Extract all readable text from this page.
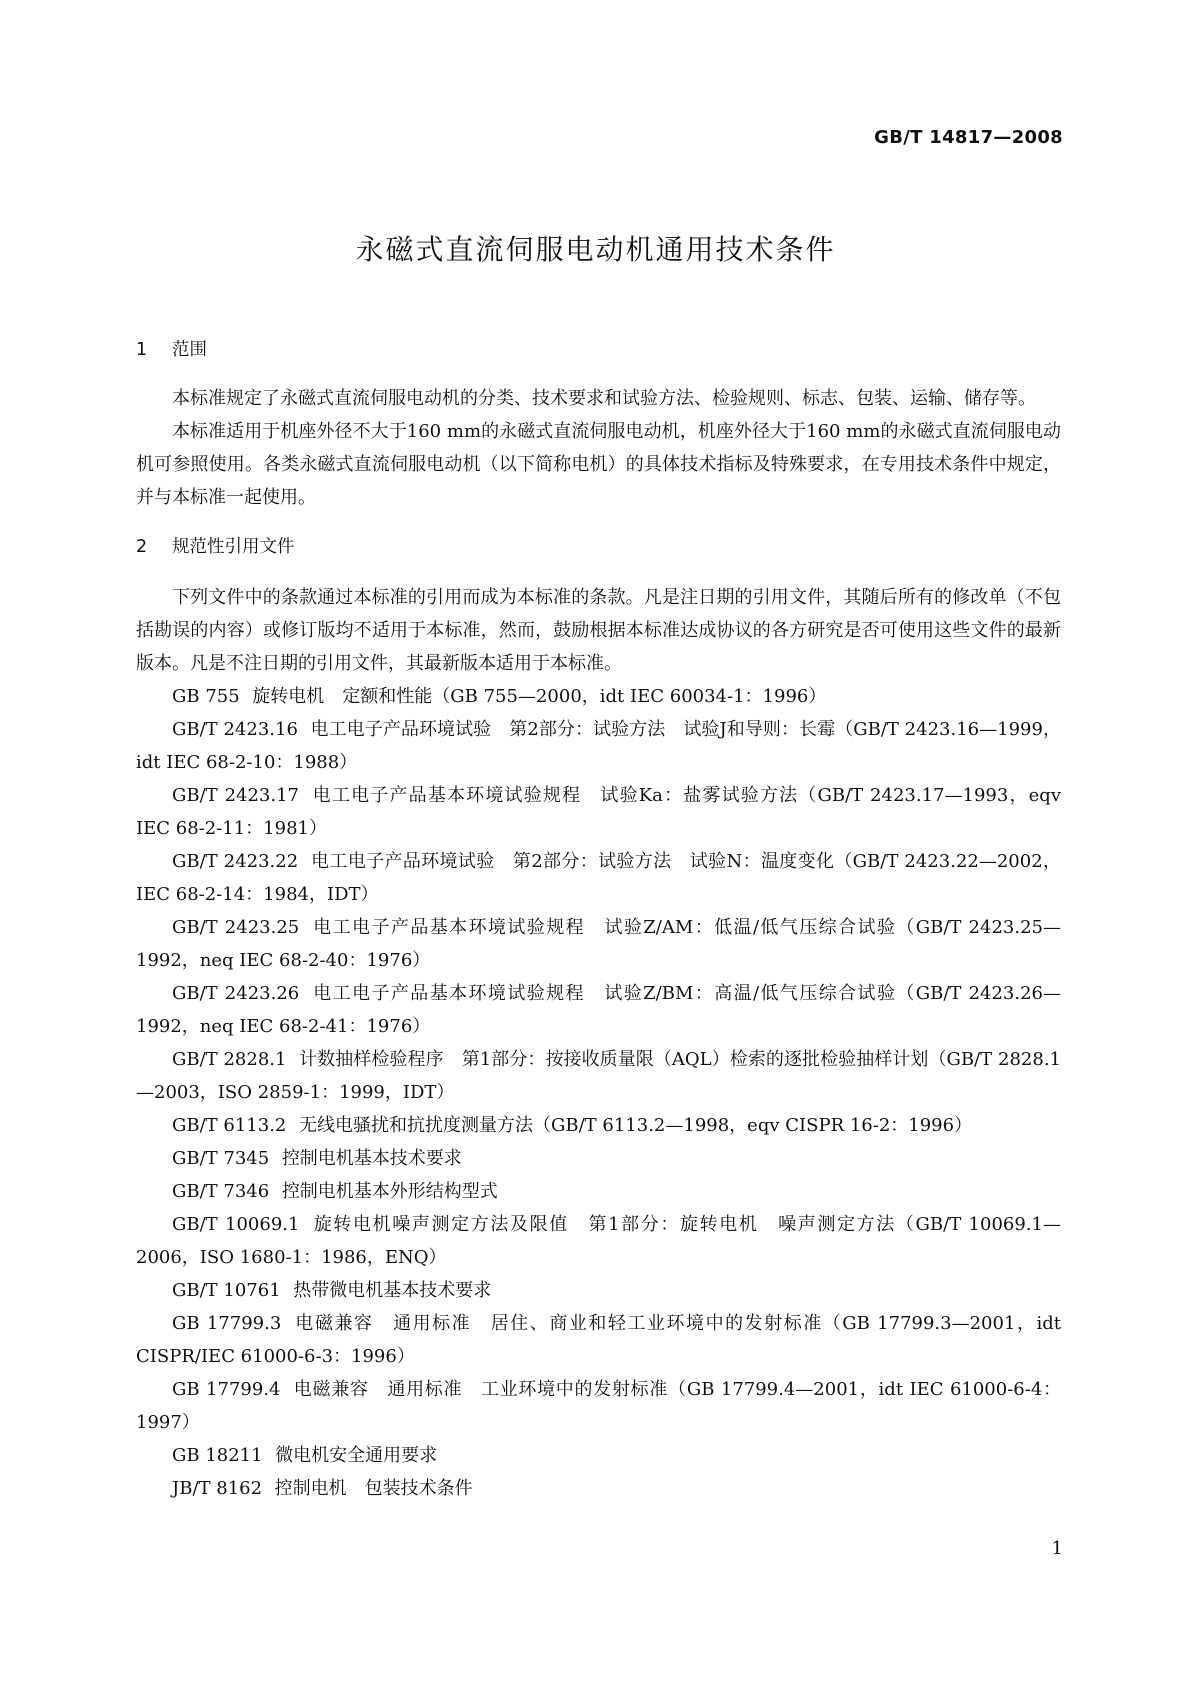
GB/T 14817—2008
永磁式直流伺服电动机通用技术条件
1 范围

本标准规定了永磁式直流伺服电动机的分类、技术要求和试验方法、检验规则、标志、包装、运输、储存等。

本标准适用于机座外径不大于160 mm的永磁式直流伺服电动机，机座外径大于160 mm的永磁式直流伺服电动机可参照使用。各类永磁式直流伺服电动机（以下简称电机）的具体技术指标及特殊要求，在专用技术条件中规定，并与本标准一起使用。

2 规范性引用文件

下列文件中的条款通过本标准的引用而成为本标准的条款。凡是注日期的引用文件，其随后所有的修改单（不包括勘误的内容）或修订版均不适用于本标准，然而，鼓励根据本标准达成协议的各方研究是否可使用这些文件的最新版本。凡是不注日期的引用文件，其最新版本适用于本标准。

GB 755 旋转电机　定额和性能（GB 755—2000，idt IEC 60034-1：1996）

GB/T 2423.16 电工电子产品环境试验　第2部分：试验方法　试验J和导则：长霉（GB/T 2423.16—1999，idt IEC 68-2-10：1988）

GB/T 2423.17 电工电子产品基本环境试验规程　试验Ka：盐雾试验方法（GB/T 2423.17—1993，eqv IEC 68-2-11：1981）

GB/T 2423.22 电工电子产品环境试验　第2部分：试验方法　试验N：温度变化（GB/T 2423.22—2002，IEC 68-2-14：1984，IDT）

GB/T 2423.25 电工电子产品基本环境试验规程　试验Z/AM：低温/低气压综合试验（GB/T 2423.25—1992，neq IEC 68-2-40：1976）

GB/T 2423.26 电工电子产品基本环境试验规程　试验Z/BM：高温/低气压综合试验（GB/T 2423.26—1992，neq IEC 68-2-41：1976）

GB/T 2828.1 计数抽样检验程序　第1部分：按接收质量限（AQL）检索的逐批检验抽样计划（GB/T 2828.1—2003，ISO 2859-1：1999，IDT）

GB/T 6113.2 无线电骚扰和抗扰度测量方法（GB/T 6113.2—1998，eqv CISPR 16-2：1996）

GB/T 7345 控制电机基本技术要求

GB/T 7346 控制电机基本外形结构型式

GB/T 10069.1 旋转电机噪声测定方法及限值　第1部分：旋转电机　噪声测定方法（GB/T 10069.1—2006，ISO 1680-1：1986，ENQ）

GB/T 10761 热带微电机基本技术要求

GB 17799.3 电磁兼容　通用标准　居住、商业和轻工业环境中的发射标准（GB 17799.3—2001，idt CISPR/IEC 61000-6-3：1996）

GB 17799.4 电磁兼容　通用标准　工业环境中的发射标准（GB 17799.4—2001，idt IEC 61000-6-4：1997）

GB 18211 微电机安全通用要求

JB/T 8162 控制电机　包装技术条件

1
